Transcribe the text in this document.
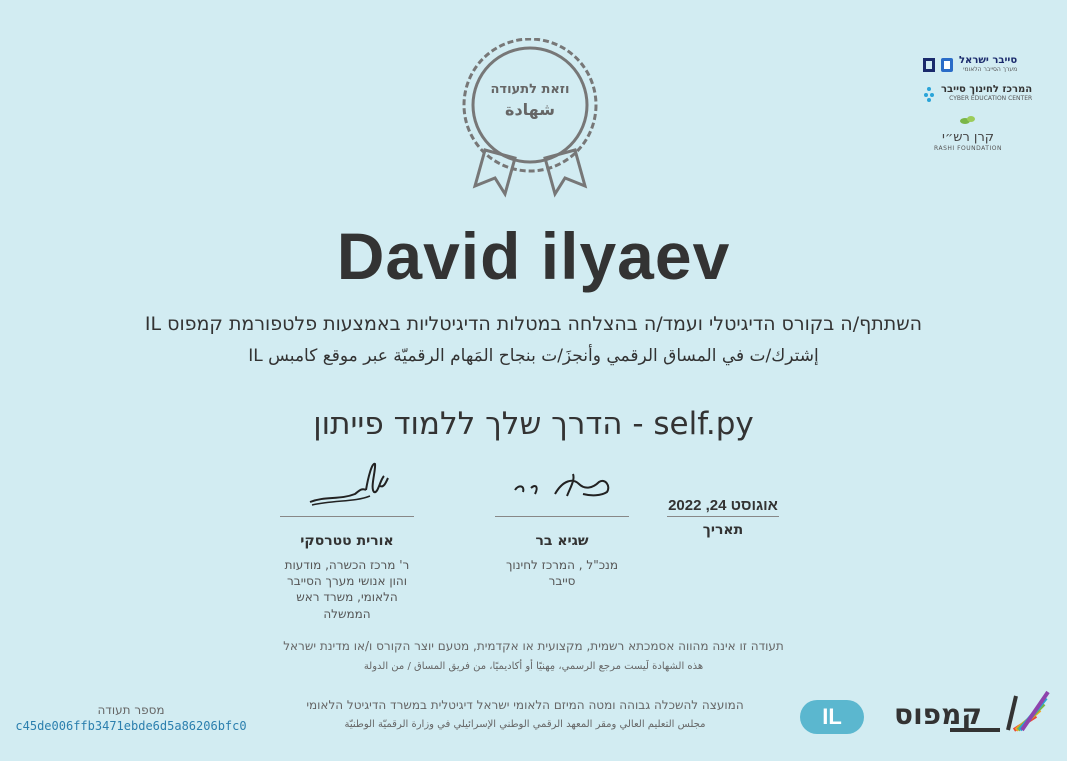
וזאת לתעודה
شهادة
סייבר ישראל
מערך הסייבר הלאומי
המרכז לחינוך סייבר
CYBER EDUCATION CENTER
קרן רש״י
RASHI FOUNDATION
David ilyaev
השתתף/ה בקורס הדיגיטלי ועמד/ה בהצלחה במטלות הדיגיטליות באמצעות פלטפורמת קמפוס IL
إشترك/ت في المساق الرقمي وأنجزَ/ت بنجاح المَهام الرقميّة عبر موقع كامبس IL
self.py - הדרך שלך ללמוד פייתון
אורית טטרסקי
ר' מרכז הכשרה, מודעות והון אנושי מערך הסייבר הלאומי, משרד ראש הממשלה
שגיא בר
מנכ"ל , המרכז לחינוך סייבר
אוגוסט 24, 2022
תאריך
תעודה זו אינה מהווה אסמכתא רשמית, מקצועית או אקדמית, מטעם יוצר הקורס ו/או מדינת ישראל
هذه الشهادة لَيست مرجع الرسمي، مِهنيًا أو أكاديميًا، من فريق المساق / من الدولة
המועצה להשכלה גבוהה ומטה המיזם הלאומי ישראל דיגיטלית במשרד הדיגיטל הלאומי
مجلس التعليم العالي ومقر المعهد الرقمي الوطني الإسرائيلي في وزارة الرقميّة الوطنيّة
מספר תעודה
c45de006ffb3471ebde6d5a86206bfc0	IL	קמפוס
